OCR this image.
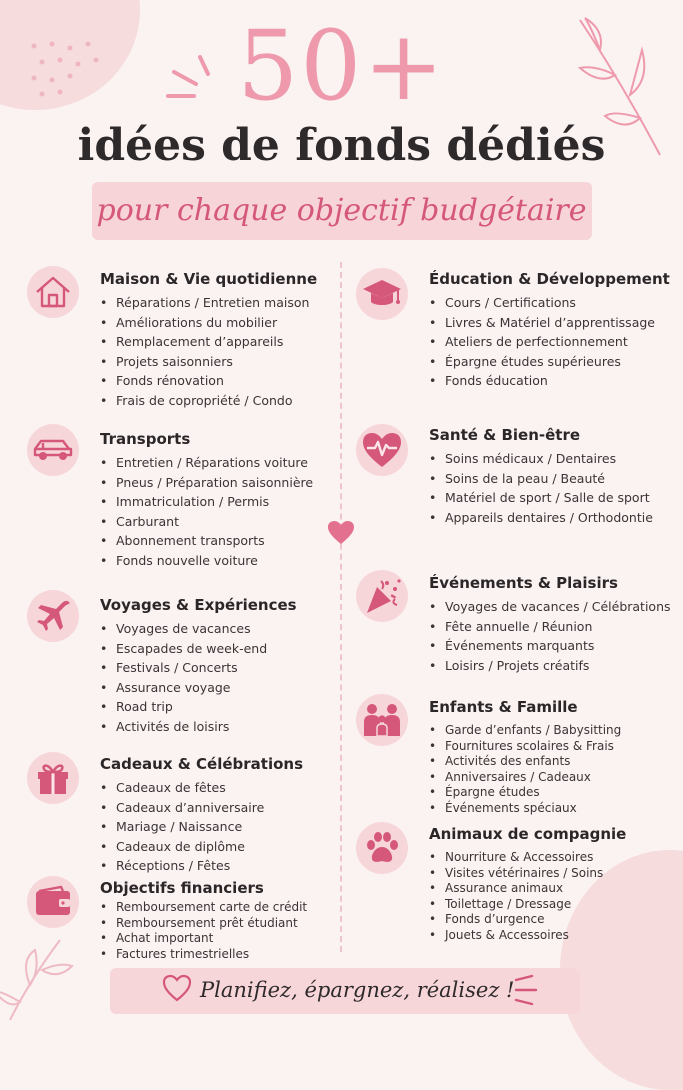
50+
idées de fonds dédiés
pour chaque objectif budgétaire
Maison & Vie quotidienne
• Réparations / Entretien maison
• Améliorations du mobilier
• Remplacement d’appareils
• Projets saisonniers
• Fonds rénovation
• Frais de copropriété / Condo
Transports
• Entretien / Réparations voiture
• Pneus / Préparation saisonnière
• Immatriculation / Permis
• Carburant
• Abonnement transports
• Fonds nouvelle voiture
Voyages & Expériences
• Voyages de vacances
• Escapades de week-end
• Festivals / Concerts
• Assurance voyage
• Road trip
• Activités de loisirs
Cadeaux & Célébrations
• Cadeaux de fêtes
• Cadeaux d’anniversaire
• Mariage / Naissance
• Cadeaux de diplôme
• Réceptions / Fêtes
Objectifs financiers
• Remboursement carte de crédit
• Remboursement prêt étudiant
• Achat important
• Factures trimestrielles
Éducation & Développement
• Cours / Certifications
• Livres & Matériel d’apprentissage
• Ateliers de perfectionnement
• Épargne études supérieures
• Fonds éducation
Santé & Bien-être
• Soins médicaux / Dentaires
• Soins de la peau / Beauté
• Matériel de sport / Salle de sport
• Appareils dentaires / Orthodontie
Événements & Plaisirs
• Voyages de vacances / Célébrations
• Fête annuelle / Réunion
• Événements marquants
• Loisirs / Projets créatifs
Enfants & Famille
• Garde d’enfants / Babysitting
• Fournitures scolaires & Frais
• Activités des enfants
• Anniversaires / Cadeaux
• Épargne études
• Événements spéciaux
Animaux de compagnie
• Nourriture & Accessoires
• Visites vétérinaires / Soins
• Assurance animaux
• Toilettage / Dressage
• Fonds d’urgence
• Jouets & Accessoires
Planifiez, épargnez, réalisez !
